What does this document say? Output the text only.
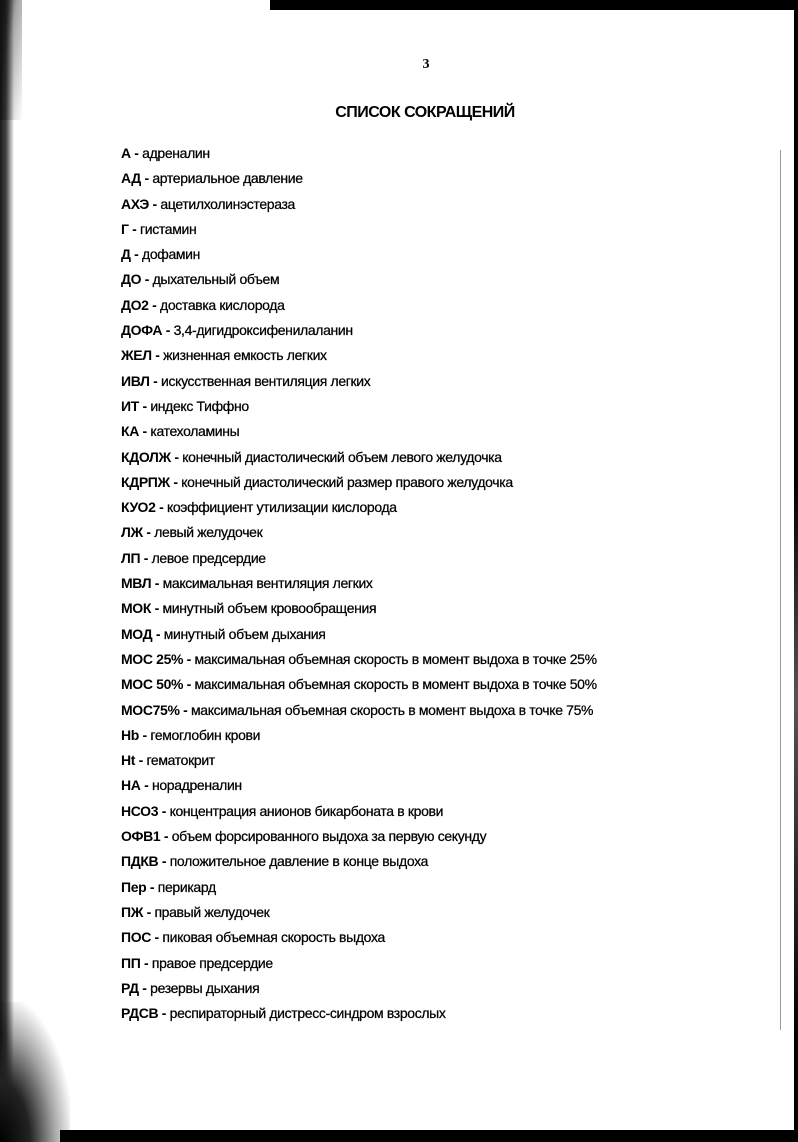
3
СПИСОК СОКРАЩЕНИЙ
А - адреналин
АД - артериальное давление
АХЭ - ацетилхолинэстераза
Г - гистамин
Д - дофамин
ДО - дыхательный объем
ДО2 - доставка кислорода
ДОФА - 3,4-дигидроксифенилаланин
ЖЕЛ - жизненная емкость легких
ИВЛ - искусственная вентиляция легких
ИТ - индекс Тиффно
КА - катехоламины
КДОЛЖ - конечный диастолический объем левого желудочка
КДРПЖ - конечный диастолический размер правого желудочка
КУО2 - коэффициент утилизации кислорода
ЛЖ - левый желудочек
ЛП - левое предсердие
МВЛ - максимальная вентиляция легких
МОК - минутный объем кровообращения
МОД - минутный объем дыхания
МОС 25% - максимальная объемная скорость в момент выдоха в точке 25%
МОС 50% - максимальная объемная скорость в момент выдоха в точке 50%
МОС75% - максимальная объемная скорость в момент выдоха в точке 75%
Hb - гемоглобин крови
Ht - гематокрит
НА - норадреналин
НСО3 - концентрация анионов бикарбоната в крови
ОФВ1 - объем форсированного выдоха за первую секунду
ПДКВ - положительное давление в конце выдоха
Пер - перикард
ПЖ - правый желудочек
ПОС - пиковая объемная скорость выдоха
ПП - правое предсердие
РД - резервы дыхания
РДСВ - респираторный дистресс-синдром взрослых
